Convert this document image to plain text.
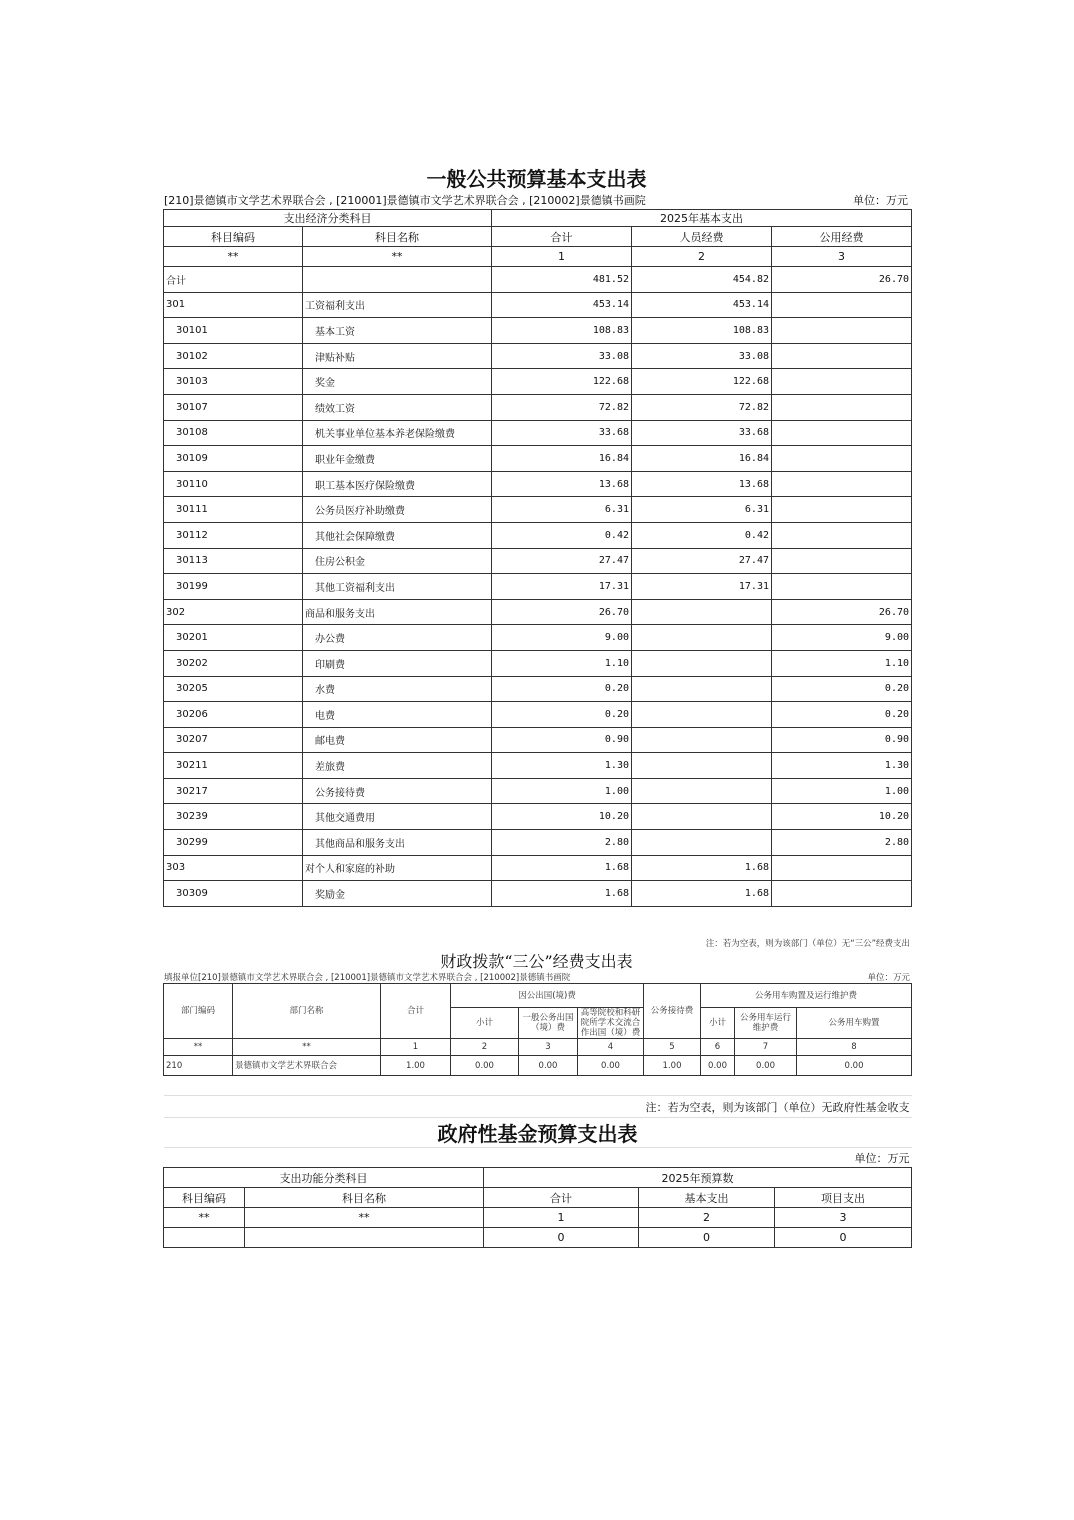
一般公共预算基本支出表
[210]景德镇市文学艺术界联合会 , [210001]景德镇市文学艺术界联合会 , [210002]景德镇书画院	单位：万元
支出经济分类科目		2025年基本支出		
科目编码	科目名称	合计	人员经费	公用经费
**	**	1	2	3
合计		481.52	454.82	26.70
301	工资福利支出	453.14	453.14	
30101	基本工资	108.83	108.83	
30102	津贴补贴	33.08	33.08	
30103	奖金	122.68	122.68	
30107	绩效工资	72.82	72.82	
30108	机关事业单位基本养老保险缴费	33.68	33.68	
30109	职业年金缴费	16.84	16.84	
30110	职工基本医疗保险缴费	13.68	13.68	
30111	公务员医疗补助缴费	6.31	6.31	
30112	其他社会保障缴费	0.42	0.42	
30113	住房公积金	27.47	27.47	
30199	其他工资福利支出	17.31	17.31	
302	商品和服务支出	26.70		26.70
30201	办公费	9.00		9.00
30202	印刷费	1.10		1.10
30205	水费	0.20		0.20
30206	电费	0.20		0.20
30207	邮电费	0.90		0.90
30211	差旅费	1.30		1.30
30217	公务接待费	1.00		1.00
30239	其他交通费用	10.20		10.20
30299	其他商品和服务支出	2.80		2.80
303	对个人和家庭的补助	1.68	1.68	
30309	奖励金	1.68	1.68	
注：若为空表，则为该部门（单位）无“三公”经费支出
财政拨款“三公”经费支出表
填报单位[210]景德镇市文学艺术界联合会 , [210001]景德镇市文学艺术界联合会 , [210002]景德镇书画院	单位：万元
部门编码	部门名称	合计	因公出国(境)费			公务接待费	公务用车购置及运行维护费		
			小计	一般公务出国（境）费	高等院校和科研院所学术交流合作出国（境）费		小计	公务用车运行维护费	公务用车购置
**	**	1	2	3	4	5	6	7	8
210	景德镇市文学艺术界联合会	1.00	0.00	0.00	0.00	1.00	0.00	0.00	0.00
注：若为空表，则为该部门（单位）无政府性基金收支				
政府性基金预算支出表				
单位：万元				
支出功能分类科目		2025年预算数		
科目编码	科目名称	合计	基本支出	项目支出
**	**	1	2	3
		0	0	0
